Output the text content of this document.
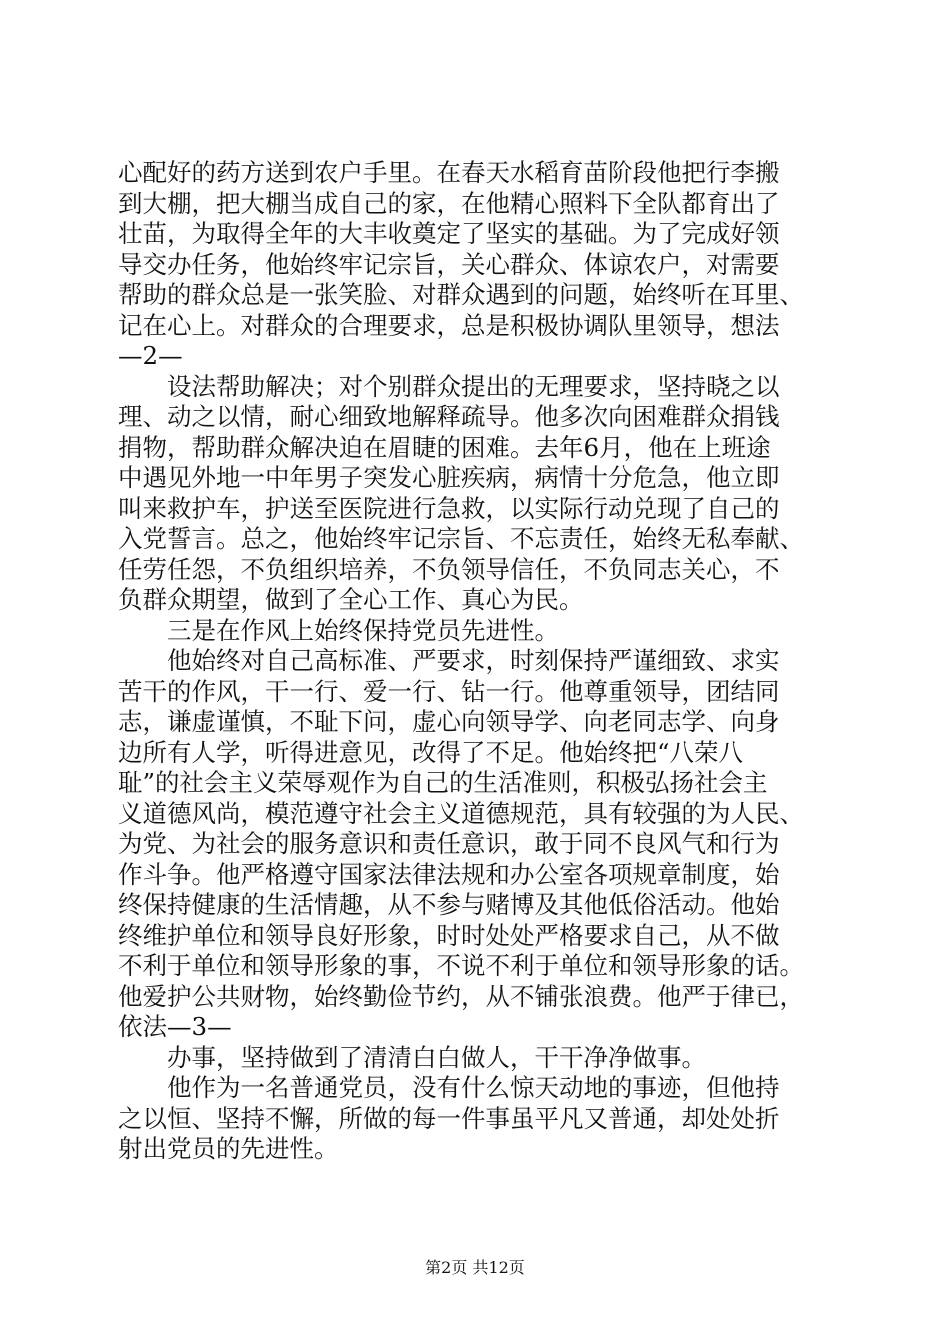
心配好的药方送到农户手里。在春天水稻育苗阶段他把行李搬
到大棚，把大棚当成自己的家，在他精心照料下全队都育出了
壮苗，为取得全年的大丰收奠定了坚实的基础。为了完成好领
导交办任务，他始终牢记宗旨，关心群众、体谅农户，对需要
帮助的群众总是一张笑脸、对群众遇到的问题，始终听在耳里、
记在心上。对群众的合理要求，总是积极协调队里领导，想法
—2—
　　设法帮助解决；对个别群众提出的无理要求，坚持晓之以
理、动之以情，耐心细致地解释疏导。他多次向困难群众捐钱
捐物，帮助群众解决迫在眉睫的困难。去年6月，他在上班途
中遇见外地一中年男子突发心脏疾病，病情十分危急，他立即
叫来救护车，护送至医院进行急救，以实际行动兑现了自己的
入党誓言。总之，他始终牢记宗旨、不忘责任，始终无私奉献、
任劳任怨，不负组织培养，不负领导信任，不负同志关心，不
负群众期望，做到了全心工作、真心为民。
　　三是在作风上始终保持党员先进性。
　　他始终对自己高标准、严要求，时刻保持严谨细致、求实
苦干的作风，干一行、爱一行、钻一行。他尊重领导，团结同
志，谦虚谨慎，不耻下问，虚心向领导学、向老同志学、向身
边所有人学，听得进意见，改得了不足。他始终把“八荣八
耻”的社会主义荣辱观作为自己的生活准则，积极弘扬社会主
义道德风尚，模范遵守社会主义道德规范，具有较强的为人民、
为党、为社会的服务意识和责任意识，敢于同不良风气和行为
作斗争。他严格遵守国家法律法规和办公室各项规章制度，始
终保持健康的生活情趣，从不参与赌博及其他低俗活动。他始
终维护单位和领导良好形象，时时处处严格要求自己，从不做
不利于单位和领导形象的事，不说不利于单位和领导形象的话。
他爱护公共财物，始终勤俭节约，从不铺张浪费。他严于律已，
依法—3—
　　办事，坚持做到了清清白白做人，干干净净做事。
　　他作为一名普通党员，没有什么惊天动地的事迹，但他持
之以恒、坚持不懈，所做的每一件事虽平凡又普通，却处处折
射出党员的先进性。
第2页 共12页
